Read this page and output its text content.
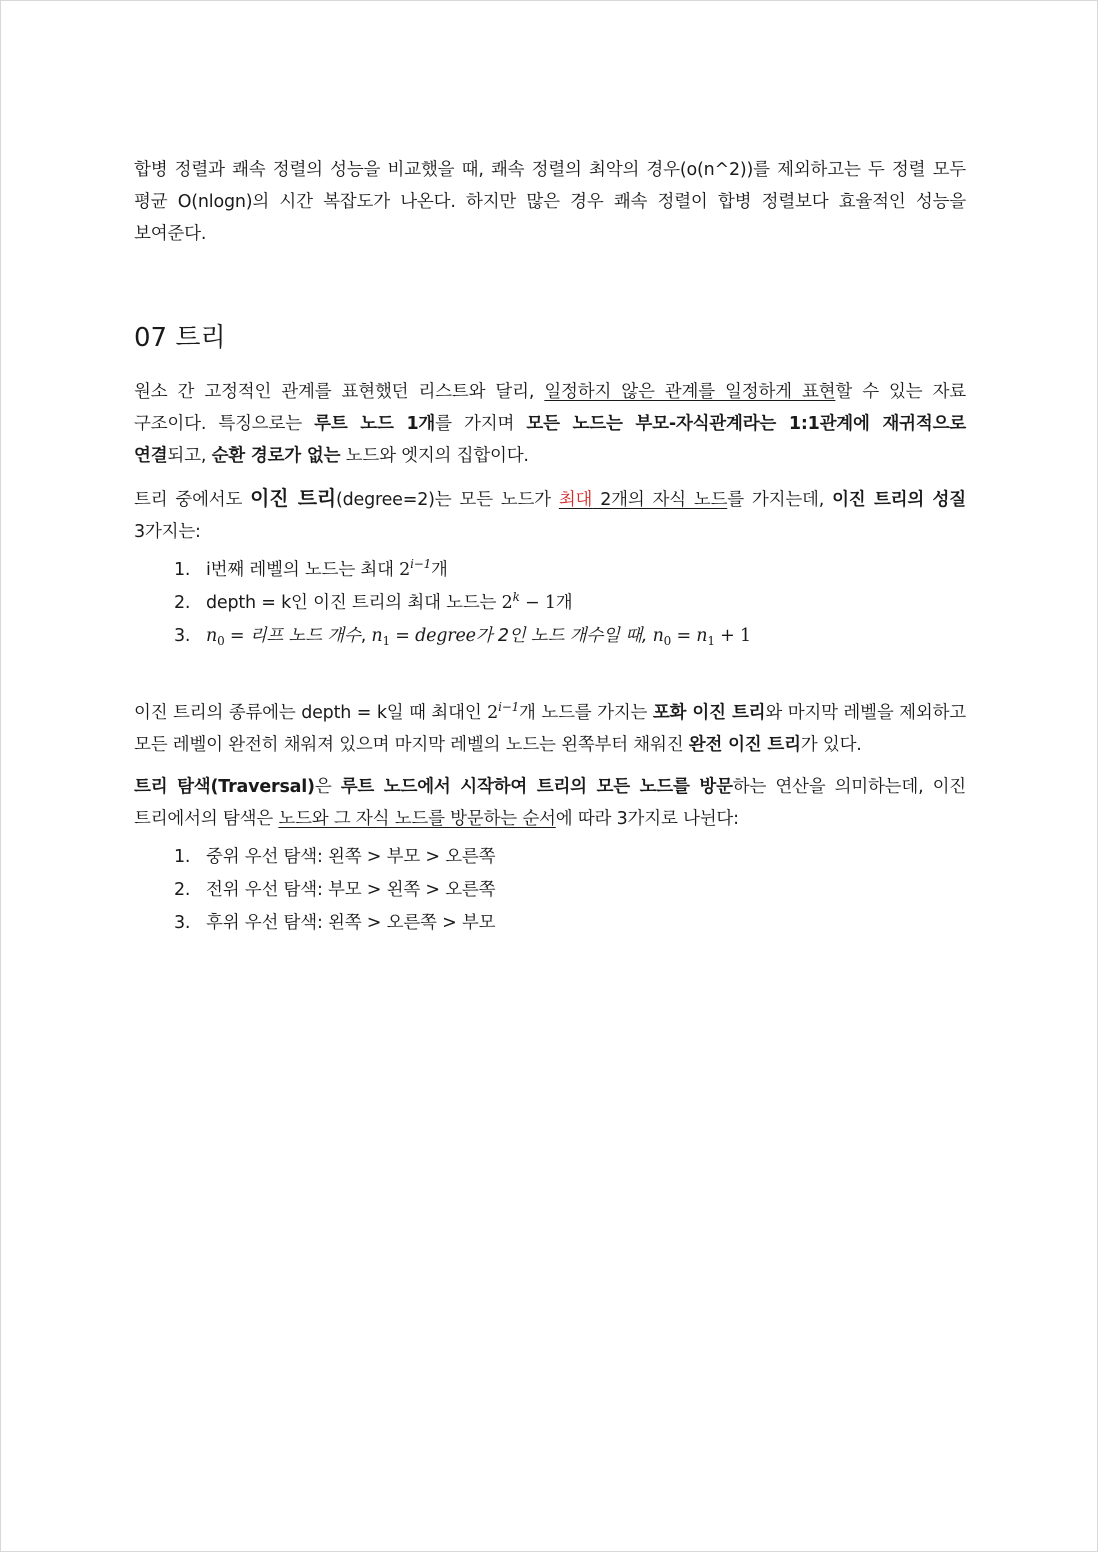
합병 정렬과 쾌속 정렬의 성능을 비교했을 때, 쾌속 정렬의 최악의 경우(o(n^2))를 제외하고는 두 정렬 모두 평균 O(nlogn)의 시간 복잡도가 나온다. 하지만 많은 경우 쾌속 정렬이 합병 정렬보다 효율적인 성능을 보여준다.

07 트리

원소 간 고정적인 관계를 표현했던 리스트와 달리, 일정하지 않은 관계를 일정하게 표현할 수 있는 자료 구조이다. 특징으로는 루트 노드 1개를 가지며 모든 노드는 부모-자식관계라는 1:1관계에 재귀적으로 연결되고, 순환 경로가 없는 노드와 엣지의 집합이다.

트리 중에서도 이진 트리(degree=2)는 모든 노드가 최대 2개의 자식 노드를 가지는데, 이진 트리의 성질 3가지는:

1. i번째 레벨의 노드는 최대 $2^{i-1}$개
2. depth = k인 이진 트리의 최대 노드는 $2^k - 1$개
3. $n_0$ = 리프 노드 개수, $n_1$ = degree가 2인 노드 개수일 때, $n_0 = n_1 + 1$

이진 트리의 종류에는 depth = k일 때 최대인 $2^{i-1}$개 노드를 가지는 포화 이진 트리와 마지막 레벨을 제외하고 모든 레벨이 완전히 채워져 있으며 마지막 레벨의 노드는 왼쪽부터 채워진 완전 이진 트리가 있다.

트리 탐색(Traversal)은 루트 노드에서 시작하여 트리의 모든 노드를 방문하는 연산을 의미하는데, 이진 트리에서의 탐색은 노드와 그 자식 노드를 방문하는 순서에 따라 3가지로 나뉜다:

1. 중위 우선 탐색: 왼쪽 > 부모 > 오른쪽
2. 전위 우선 탐색: 부모 > 왼쪽 > 오른쪽
3. 후위 우선 탐색: 왼쪽 > 오른쪽 > 부모
